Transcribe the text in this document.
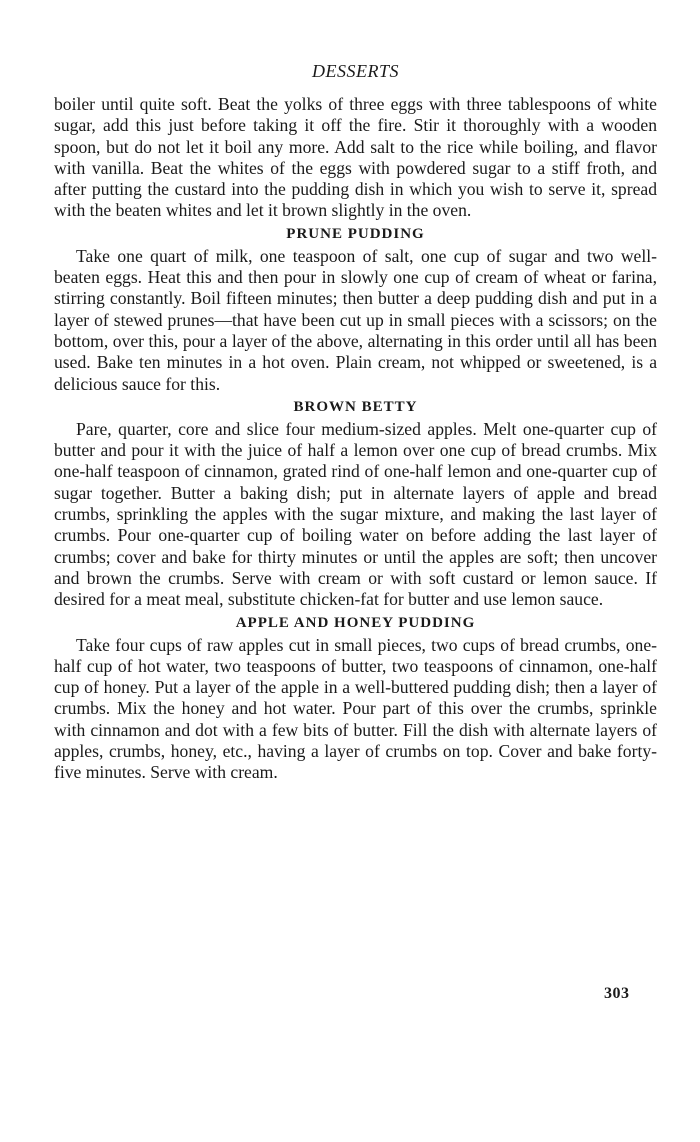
DESSERTS

boiler until quite soft. Beat the yolks of three eggs with three tablespoons of white sugar, add this just before taking it off the fire. Stir it thoroughly with a wooden spoon, but do not let it boil any more. Add salt to the rice while boiling, and flavor with vanilla. Beat the whites of the eggs with powdered sugar to a stiff froth, and after putting the custard into the pudding dish in which you wish to serve it, spread with the beaten whites and let it brown slightly in the oven.

PRUNE PUDDING

Take one quart of milk, one teaspoon of salt, one cup of sugar and two well-beaten eggs. Heat this and then pour in slowly one cup of cream of wheat or farina, stirring constantly. Boil fifteen minutes; then butter a deep pudding dish and put in a layer of stewed prunes—that have been cut up in small pieces with a scissors; on the bottom, over this, pour a layer of the above, alternating in this order until all has been used. Bake ten minutes in a hot oven. Plain cream, not whipped or sweetened, is a delicious sauce for this.

BROWN BETTY

Pare, quarter, core and slice four medium-sized apples. Melt one-quarter cup of butter and pour it with the juice of half a lemon over one cup of bread crumbs. Mix one-half teaspoon of cinnamon, grated rind of one-half lemon and one-quarter cup of sugar together. Butter a baking dish; put in alternate layers of apple and bread crumbs, sprinkling the apples with the sugar mixture, and making the last layer of crumbs. Pour one-quarter cup of boiling water on before adding the last layer of crumbs; cover and bake for thirty minutes or until the apples are soft; then uncover and brown the crumbs. Serve with cream or with soft custard or lemon sauce. If desired for a meat meal, substitute chicken-fat for butter and use lemon sauce.

APPLE AND HONEY PUDDING

Take four cups of raw apples cut in small pieces, two cups of bread crumbs, one-half cup of hot water, two teaspoons of butter, two teaspoons of cinnamon, one-half cup of honey. Put a layer of the apple in a well-buttered pudding dish; then a layer of crumbs. Mix the honey and hot water. Pour part of this over the crumbs, sprinkle with cinnamon and dot with a few bits of butter. Fill the dish with alternate layers of apples, crumbs, honey, etc., having a layer of crumbs on top. Cover and bake forty-five minutes. Serve with cream.

303
